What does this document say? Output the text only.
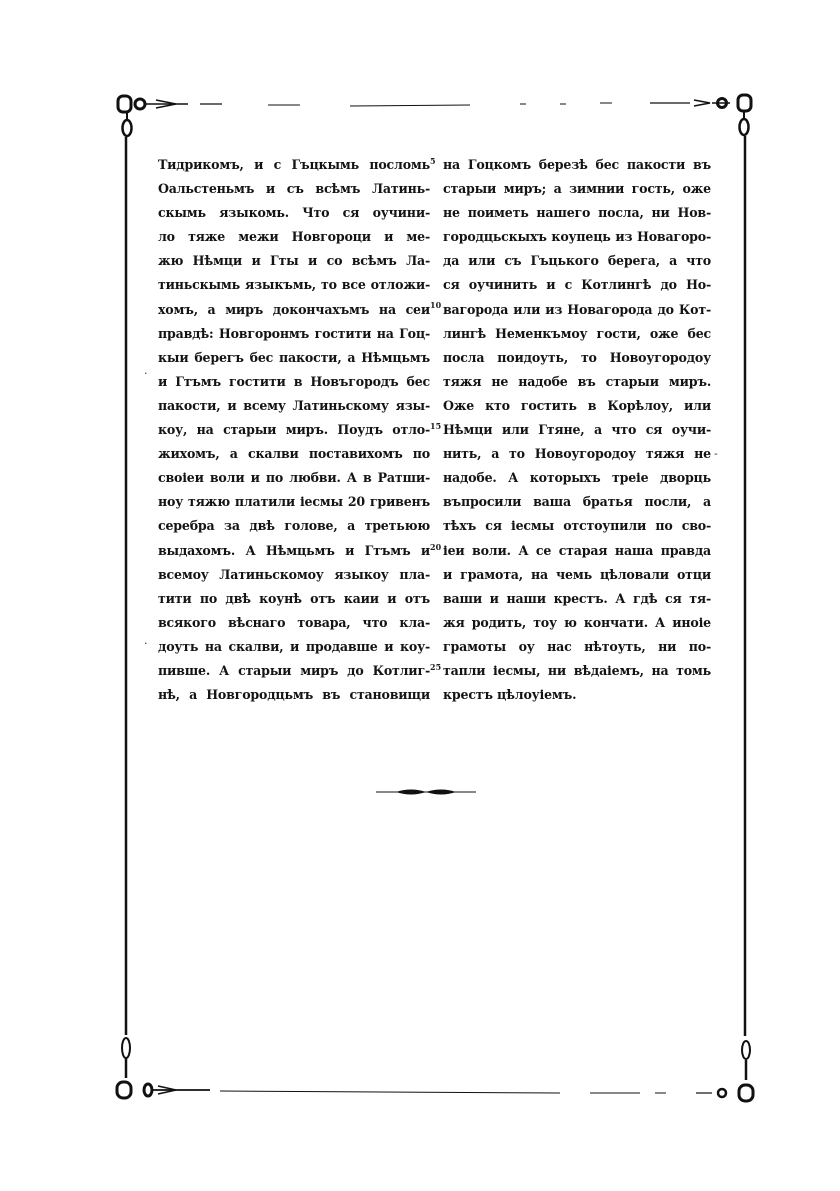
Тидрикомъ, и с Гъцкымь посломь
Оальстеньмъ и съ всѣмъ Латинь-
скымь языкомь. Что ся оучини-
ло тяже межи Новгороци и ме-
жю Нѣмци и Гты и со всѣмъ Ла-
тиньскымь языкъмь, то все отложи-
хомъ, а миръ докончахъмъ на сеи
правдѣ: Новгоронмъ гостити на Гоц-
кыи берегъ бес пакости, а Нѣмцьмъ
и Гтъмъ гостити в Новъгородъ бес
пакости, и всему Латиньскому язы-
коу, на старыи миръ. Поудъ отло-
жихомъ, а скалви поставихомъ по
своіеи воли и по любви. А в Ратши-
ноу тяжю платили іесмы 20 гривенъ
серебра за двѣ голове, а третьюю
выдахомъ. А Нѣмцьмъ и Гтъмъ и
всемоу Латиньскомоу языкоу пла-
тити по двѣ коунѣ отъ каии и отъ
всякого вѣснаго товара, что кла-
доуть на скалви, и продавше и коу-
пивше. А старыи миръ до Котлиг-
нѣ, а Новгородцьмъ въ становищи
на Гоцкомъ березѣ бес пакости въ
старыи миръ; а зимнии гость, оже
не поиметь нашего посла, ни Нов-
городцьскыхъ коупець из Новагоро-
да или съ Гъцького берега, а что
ся оучинить и с Котлингѣ до Но-
вагорода или из Новагорода до Кот-
лингѣ Неменкъмоу гости, оже бес
посла поидоуть, то Новоугородоу
тяжя не надобе въ старыи миръ.
Оже кто гостить в Корѣлоу, или
Нѣмци или Гтяне, а что ся оучи-
нить, а то Новоугородоу тяжя не
надобе. А которыхъ треіе дворць
въпросили ваша братья посли, а
тѣхъ ся іесмы отстоупили по сво-
іеи воли. А се старая наша правда
и грамота, на чемь цѣловали отци
ваши и наши крестъ. А гдѣ ся тя-
жя родить, тоу ю кончати. А иноіе
грамоты оу нас нѣтоуть, ни по-
тапли іесмы, ни вѣдаіемъ, на томь
крестъ цѣлоуіемъ.
5
10
15
20
25
·
·
-
